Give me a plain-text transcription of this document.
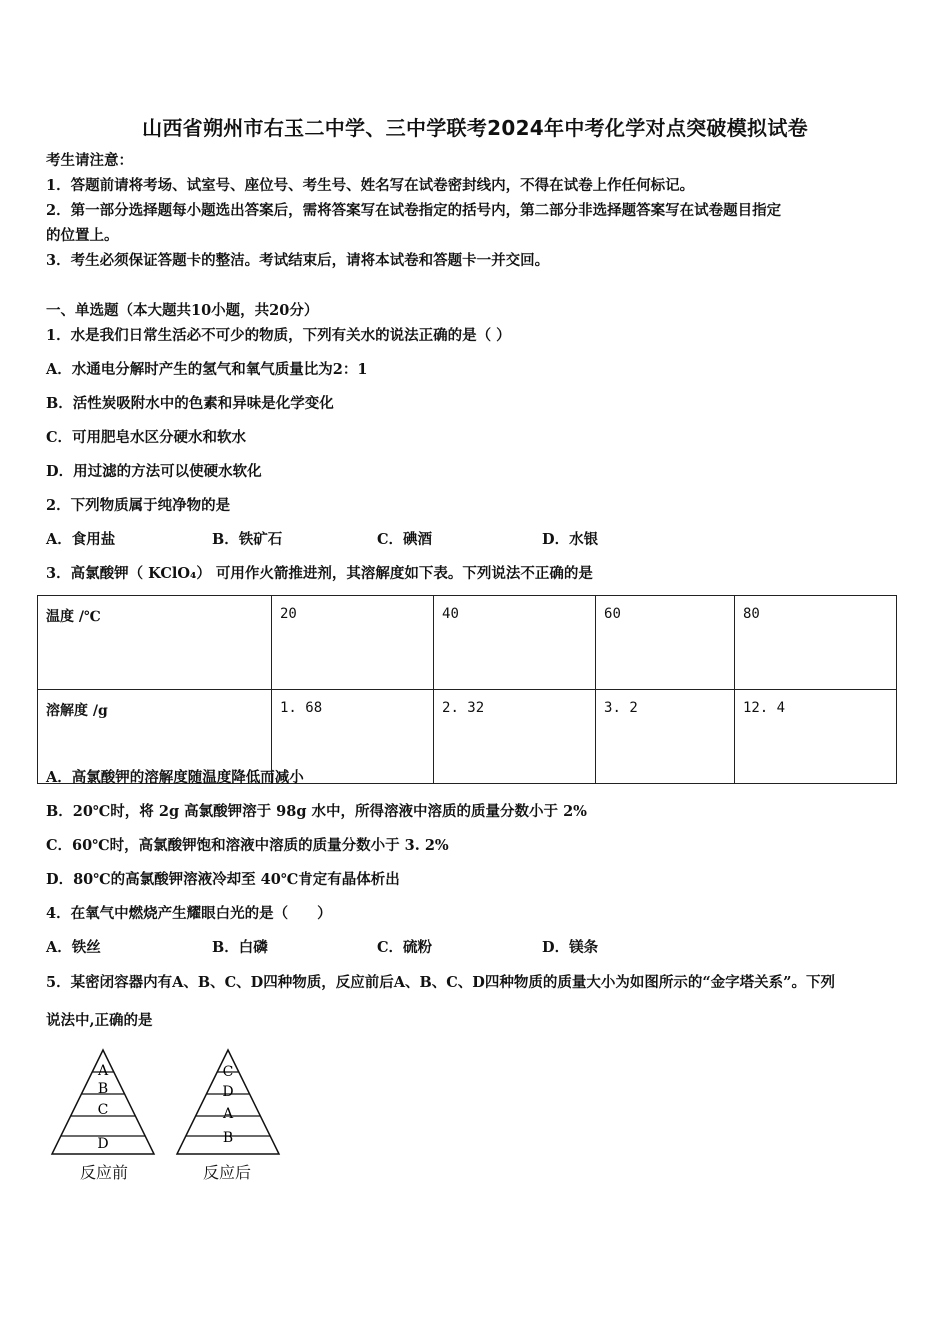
山西省朔州市右玉二中学、三中学联考2024年中考化学对点突破模拟试卷
考生请注意：
1．答题前请将考场、试室号、座位号、考生号、姓名写在试卷密封线内，不得在试卷上作任何标记。
2．第一部分选择题每小题选出答案后，需将答案写在试卷指定的括号内，第二部分非选择题答案写在试卷题目指定
的位置上。
3．考生必须保证答题卡的整洁。考试结束后，请将本试卷和答题卡一并交回。
一、单选题（本大题共10小题，共20分）
1．水是我们日常生活必不可少的物质，下列有关水的说法正确的是（ ）
A．水通电分解时产生的氢气和氧气质量比为2：1
B．活性炭吸附水中的色素和异味是化学变化
C．可用肥皂水区分硬水和软水
D．用过滤的方法可以使硬水软化
2．下列物质属于纯净物的是
A．食用盐	B．铁矿石	C．碘酒	D．水银
3．高氯酸钾（ KClO₄） 可用作火箭推进剂，其溶解度如下表。下列说法不正确的是
温度 /℃	20	40	60	80
溶解度 /g	1. 68	2. 32	3. 2	12. 4
A．高氯酸钾的溶解度随温度降低而减小
B．20℃时，将 2g 高氯酸钾溶于 98g 水中，所得溶液中溶质的质量分数小于 2%
C．60℃时，高氯酸钾饱和溶液中溶质的质量分数小于 3. 2%
D．80℃的高氯酸钾溶液冷却至 40℃肯定有晶体析出
4．在氧气中燃烧产生耀眼白光的是（　　）
A．铁丝	B．白磷	C．硫粉	D．镁条
5．某密闭容器内有A、B、C、D四种物质，反应前后A、B、C、D四种物质的质量大小为如图所示的“金字塔关系”。下列
说法中,正确的是
A
B
C
D
反应前
C
D
A
B
反应后
